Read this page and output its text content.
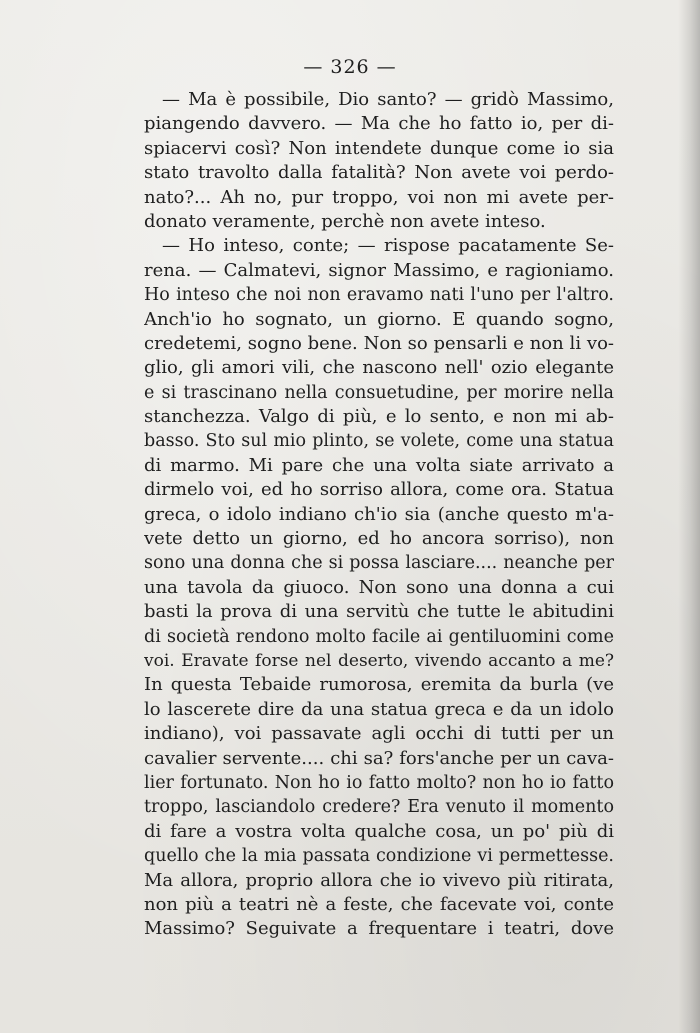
— 326 —
— Ma è possibile, Dio santo? — gridò Massimo,
piangendo davvero. — Ma che ho fatto io, per di-
spiacervi così? Non intendete dunque come io sia
stato travolto dalla fatalità? Non avete voi perdo-
nato?... Ah no, pur troppo, voi non mi avete per-
donato veramente, perchè non avete inteso.
— Ho inteso, conte; — rispose pacatamente Se-
rena. — Calmatevi, signor Massimo, e ragioniamo.
Ho inteso che noi non eravamo nati l'uno per l'altro.
Anch'io ho sognato, un giorno. E quando sogno,
credetemi, sogno bene. Non so pensarli e non li vo-
glio, gli amori vili, che nascono nell' ozio elegante
e si trascinano nella consuetudine, per morire nella
stanchezza. Valgo di più, e lo sento, e non mi ab-
basso. Sto sul mio plinto, se volete, come una statua
di marmo. Mi pare che una volta siate arrivato a
dirmelo voi, ed ho sorriso allora, come ora. Statua
greca, o idolo indiano ch'io sia (anche questo m'a-
vete detto un giorno, ed ho ancora sorriso), non
sono una donna che si possa lasciare.... neanche per
una tavola da giuoco. Non sono una donna a cui
basti la prova di una servitù che tutte le abitudini
di società rendono molto facile ai gentiluomini come
voi. Eravate forse nel deserto, vivendo accanto a me?
In questa Tebaide rumorosa, eremita da burla (ve
lo lascerete dire da una statua greca e da un idolo
indiano), voi passavate agli occhi di tutti per un
cavalier servente.... chi sa? fors'anche per un cava-
lier fortunato. Non ho io fatto molto? non ho io fatto
troppo, lasciandolo credere? Era venuto il momento
di fare a vostra volta qualche cosa, un po' più di
quello che la mia passata condizione vi permettesse.
Ma allora, proprio allora che io vivevo più ritirata,
non più a teatri nè a feste, che facevate voi, conte
Massimo? Seguivate a frequentare i teatri, dove
